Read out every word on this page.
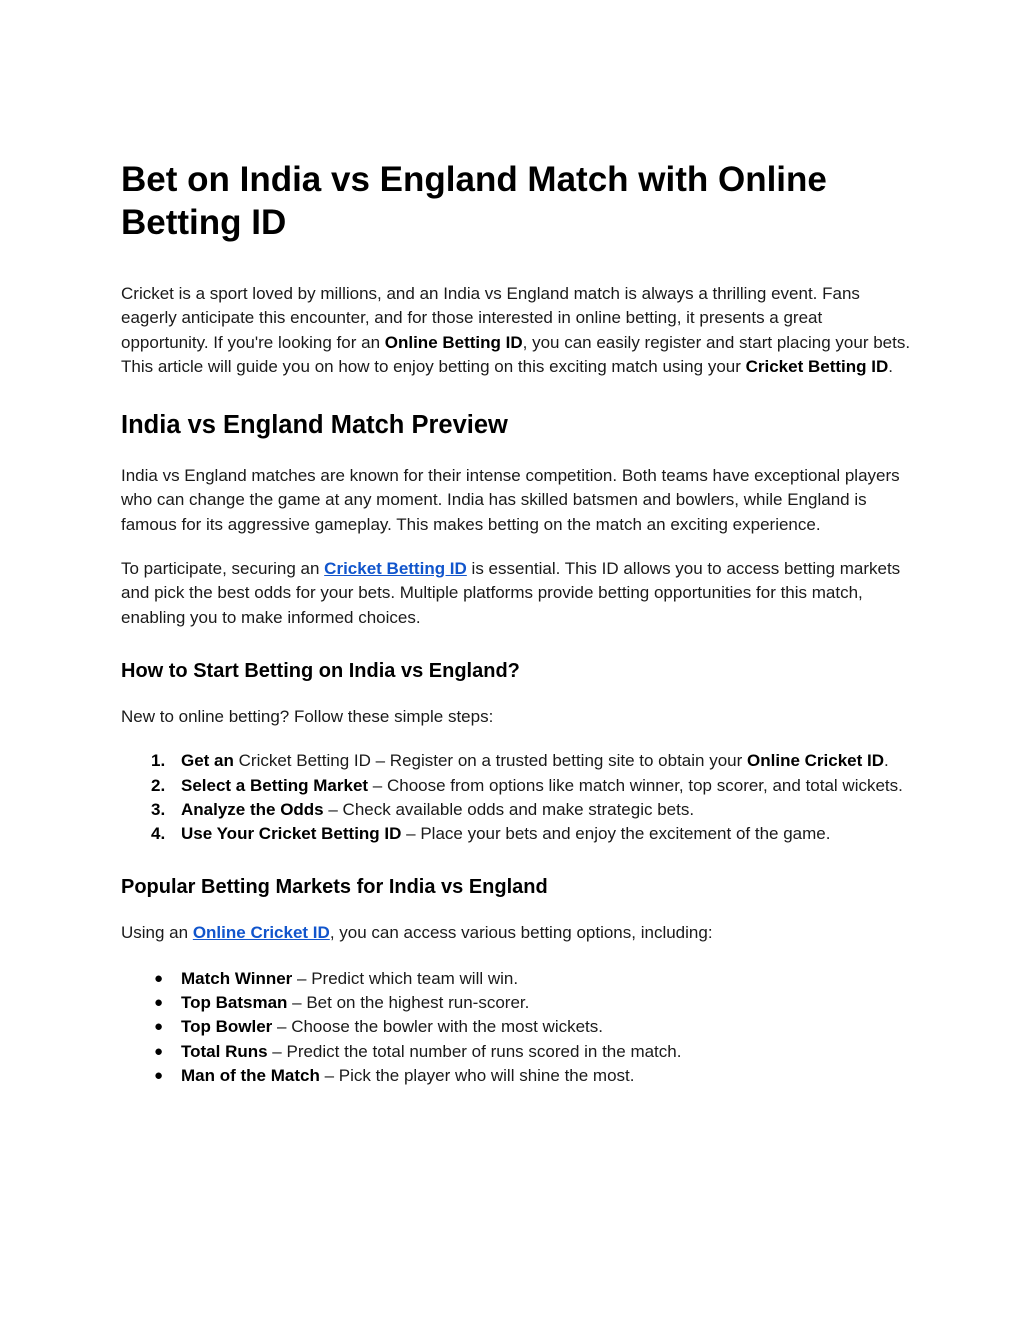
Bet on India vs England Match with Online Betting ID

Cricket is a sport loved by millions, and an India vs England match is always a thrilling event. Fans eagerly anticipate this encounter, and for those interested in online betting, it presents a great opportunity. If you're looking for an Online Betting ID, you can easily register and start placing your bets. This article will guide you on how to enjoy betting on this exciting match using your Cricket Betting ID.

India vs England Match Preview

India vs England matches are known for their intense competition. Both teams have exceptional players who can change the game at any moment. India has skilled batsmen and bowlers, while England is famous for its aggressive gameplay. This makes betting on the match an exciting experience.

To participate, securing an Cricket Betting ID is essential. This ID allows you to access betting markets and pick the best odds for your bets. Multiple platforms provide betting opportunities for this match, enabling you to make informed choices.

How to Start Betting on India vs England?

New to online betting? Follow these simple steps:

1. Get an Cricket Betting ID – Register on a trusted betting site to obtain your Online Cricket ID.
2. Select a Betting Market – Choose from options like match winner, top scorer, and total wickets.
3. Analyze the Odds – Check available odds and make strategic bets.
4. Use Your Cricket Betting ID – Place your bets and enjoy the excitement of the game.
Popular Betting Markets for India vs England

Using an Online Cricket ID, you can access various betting options, including:

● Match Winner – Predict which team will win.
● Top Batsman – Bet on the highest run-scorer.
● Top Bowler – Choose the bowler with the most wickets.
● Total Runs – Predict the total number of runs scored in the match.
● Man of the Match – Pick the player who will shine the most.
